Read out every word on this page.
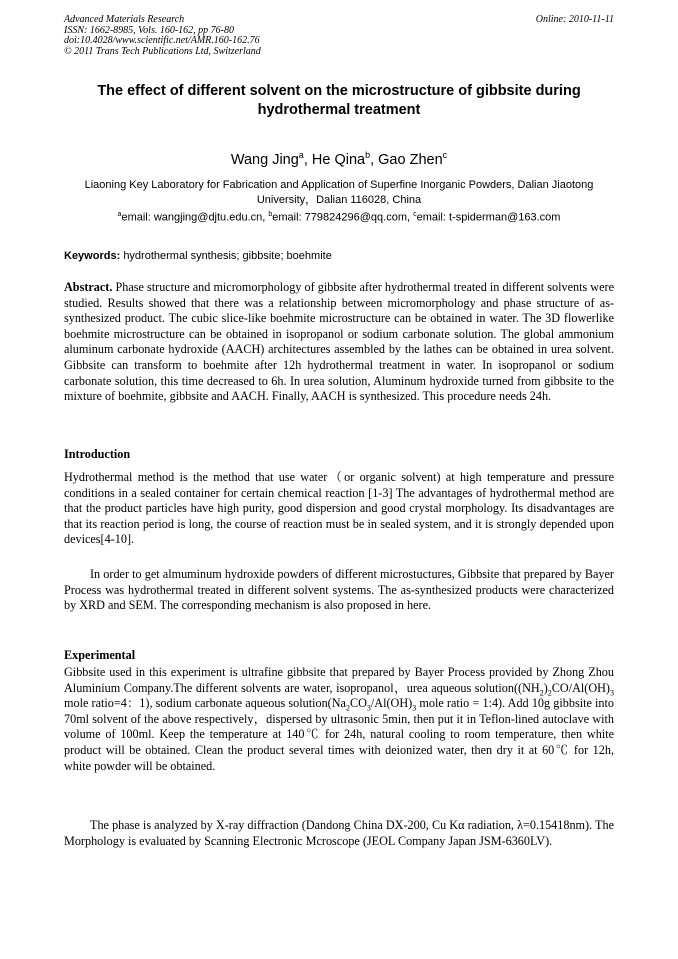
Advanced Materials Research
ISSN: 1662-8985, Vols. 160-162, pp 76-80
doi:10.4028/www.scientific.net/AMR.160-162.76
© 2011 Trans Tech Publications Ltd, Switzerland
Online: 2010-11-11
The effect of different solvent on the microstructure of gibbsite during hydrothermal treatment
Wang Jing$^a$, He Qina$^b$, Gao Zhen$^c$
Liaoning Key Laboratory for Fabrication and Application of Superfine Inorganic Powders, Dalian Jiaotong University，Dalian 116028, China
$^a$email: wangjing@djtu.edu.cn, $^b$email: 779824296@qq.com, $^c$email: t-spiderman@163.com
Keywords: hydrothermal synthesis; gibbsite; boehmite

Abstract. Phase structure and micromorphology of gibbsite after hydrothermal treated in different solvents were studied. Results showed that there was a relationship between micromorphology and phase structure of as-synthesized product. The cubic slice-like boehmite microstructure can be obtained in water. The 3D flowerlike boehmite microstructure can be obtained in isopropanol or sodium carbonate solution. The global ammonium aluminum carbonate hydroxide (AACH) architectures assembled by the lathes can be obtained in urea solvent. Gibbsite can transform to boehmite after 12h hydrothermal treatment in water. In isopropanol or sodium carbonate solution, this time decreased to 6h. In urea solution, Aluminum hydroxide turned from gibbsite to the mixture of boehmite, gibbsite and AACH. Finally, AACH is synthesized. This procedure needs 24h.

Introduction

Hydrothermal method is the method that use water（or organic solvent) at high temperature and pressure conditions in a sealed container for certain chemical reaction [1-3] The advantages of hydrothermal method are that the product particles have high purity, good dispersion and good crystal morphology. Its disadvantages are that its reaction period is long, the course of reaction must be in sealed system, and it is strongly depended upon devices[4-10].

In order to get almuminum hydroxide powders of different microstuctures, Gibbsite that prepared by Bayer Process was hydrothermal treated in different solvent systems. The as-synthesized products were characterized by XRD and SEM. The corresponding mechanism is also proposed in here.

Experimental

Gibbsite used in this experiment is ultrafine gibbsite that prepared by Bayer Process provided by Zhong Zhou Aluminium Company.The different solvents are water, isopropanol，urea aqueous $solution((NH_2)_2CO/Al(OH)_3$ mole ratio=4：1), sodium carbonate aqueous $solution(Na_2CO_3/Al(OH)_3$ mole ratio = 1:4). Add 10g gibbsite into 70ml solvent of the above respectively，dispersed by ultrasonic 5min, then put it in Teflon-lined autoclave with volume of 100ml. Keep the temperature at 140℃ for 24h, natural cooling to room temperature, then white product will be obtained. Clean the product several times with deionized water, then dry it at 60℃ for 12h, white powder will be obtained.

The phase is analyzed by X-ray diffraction (Dandong China DX-200, Cu Kα radiation, λ=0.15418nm). The Morphology is evaluated by Scanning Electronic Mcroscope (JEOL Company Japan JSM-6360LV).
